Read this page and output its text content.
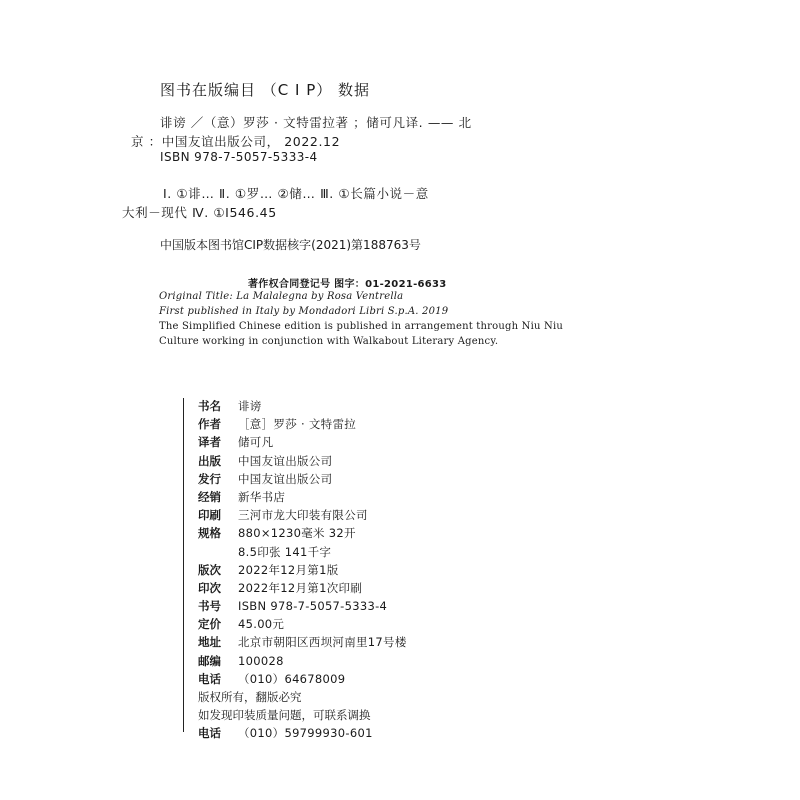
图书在版编目 （C I P） 数据
诽谤 ／（意）罗莎 · 文特雷拉著 ；储可凡译. —— 北
京 ：中国友谊出版公司， 2022.12
ISBN 978-7-5057-5333-4
Ⅰ. ①诽… Ⅱ. ①罗… ②储… Ⅲ. ①长篇小说－意
大利－现代 Ⅳ. ①I546.45
中国版本图书馆CIP数据核字(2021)第188763号
著作权合同登记号 图字：01-2021-6633
Original Title: La Malalegna by Rosa Ventrella
First published in Italy by Mondadori Libri S.p.A. 2019
The Simplified Chinese edition is published in arrangement through Niu Niu
Culture working in conjunction with Walkabout Literary Agency.
书名 诽谤
作者 ［意］罗莎 · 文特雷拉
译者 储可凡
出版 中国友谊出版公司
发行 中国友谊出版公司
经销 新华书店
印刷 三河市龙大印装有限公司
规格 880×1230毫米 32开
8.5印张 141千字
版次 2022年12月第1版
印次 2022年12月第1次印刷
书号 ISBN 978-7-5057-5333-4
定价 45.00元
地址 北京市朝阳区西坝河南里17号楼
邮编 100028
电话 （010）64678009
版权所有，翻版必究
如发现印装质量问题，可联系调换
电话 （010）59799930-601
